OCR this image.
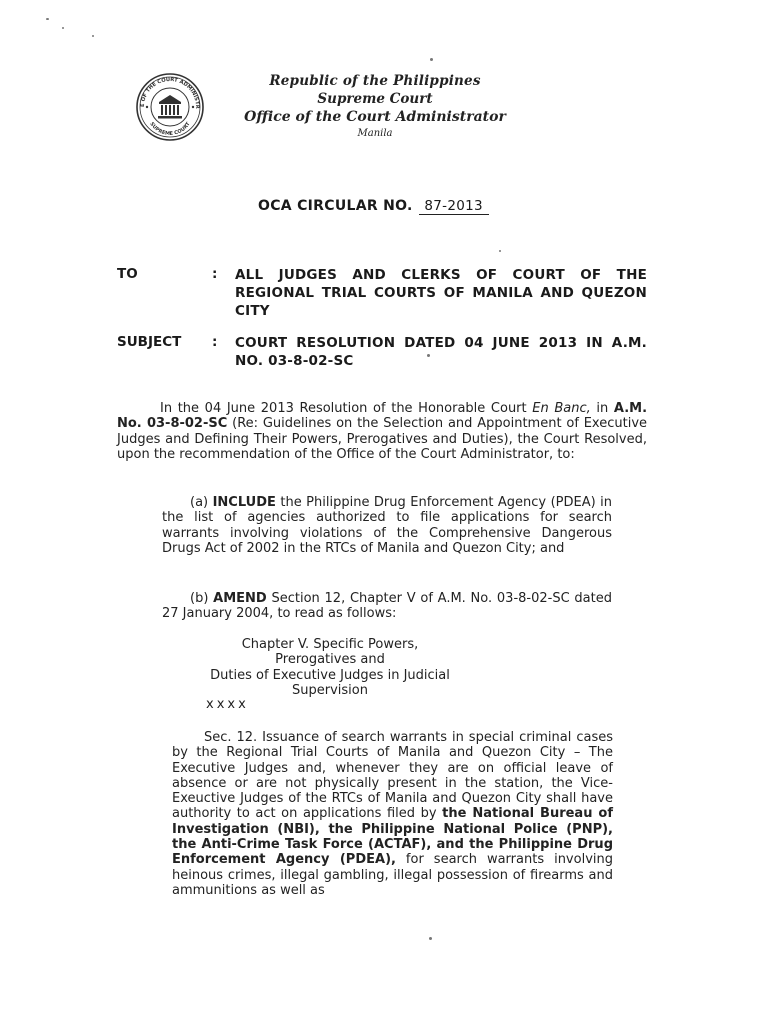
E OF THE COURT ADMINISTR
SUPREME COURT
Republic of the Philippines
Supreme Court
Office of the Court Administrator
Manila
OCA CIRCULAR NO. 87-2013
TO	: ALL JUDGES AND CLERKS OF COURT OF THE REGIONAL TRIAL COURTS OF MANILA AND QUEZON CITY
SUBJECT : COURT RESOLUTION DATED 04 JUNE 2013 IN A.M. NO. 03-8-02-SC
In the 04 June 2013 Resolution of the Honorable Court En Banc, in A.M. No. 03-8-02-SC (Re: Guidelines on the Selection and Appointment of Executive Judges and Defining Their Powers, Prerogatives and Duties), the Court Resolved, upon the recommendation of the Office of the Court Administrator, to:
(a) INCLUDE the Philippine Drug Enforcement Agency (PDEA) in the list of agencies authorized to file applications for search warrants involving violations of the Comprehensive Dangerous Drugs Act of 2002 in the RTCs of Manila and Quezon City; and
(b) AMEND Section 12, Chapter V of A.M. No. 03-8-02-SC dated 27 January 2004, to read as follows:
Chapter V. Specific Powers, Prerogatives and
Duties of Executive Judges in Judicial
Supervision
xxxx
Sec. 12. Issuance of search warrants in special criminal cases by the Regional Trial Courts of Manila and Quezon City – The Executive Judges and, whenever they are on official leave of absence or are not physically present in the station, the Vice-Exeuctive Judges of the RTCs of Manila and Quezon City shall have authority to act on applications filed by the National Bureau of Investigation (NBI), the Philippine National Police (PNP), the Anti-Crime Task Force (ACTAF), and the Philippine Drug Enforcement Agency (PDEA), for search warrants involving heinous crimes, illegal gambling, illegal possession of firearms and ammunitions as well as
